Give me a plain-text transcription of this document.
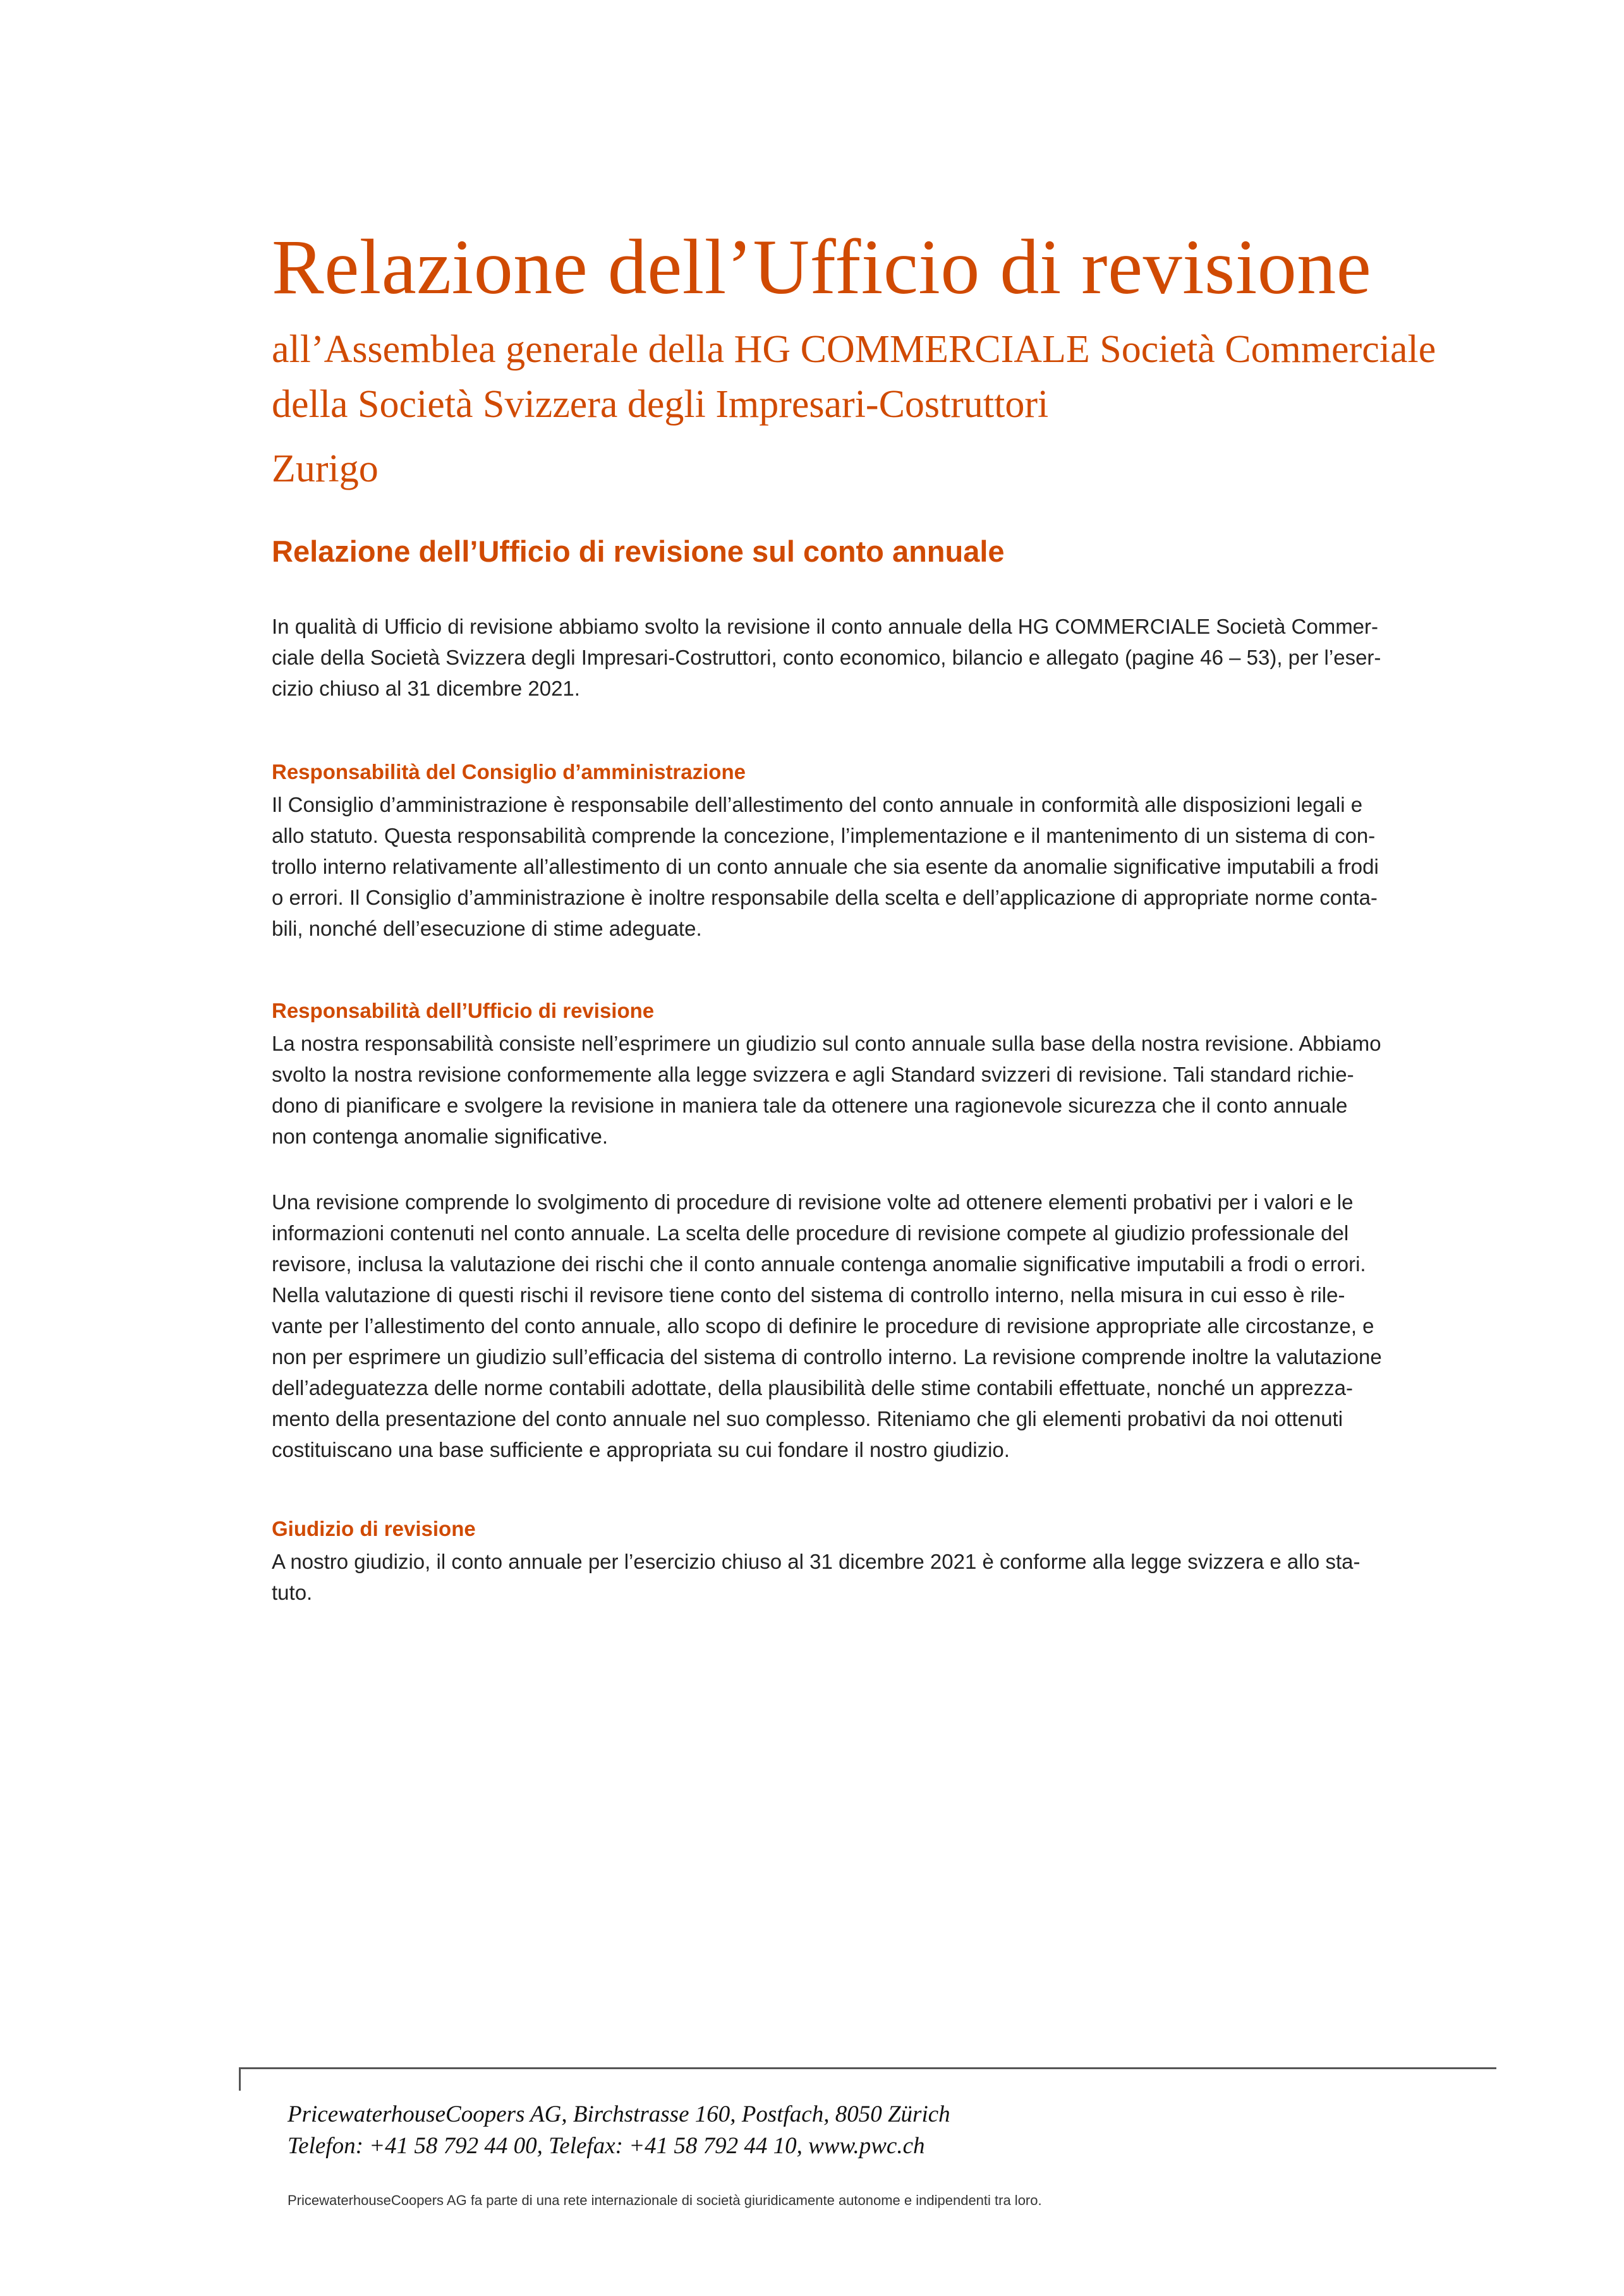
Relazione dell’Ufficio di revisione
all’Assemblea generale della HG COMMERCIALE Società Commerciale
della Società Svizzera degli Impresari-Costruttori
Zurigo
Relazione dell’Ufficio di revisione sul conto annuale
In qualità di Ufficio di revisione abbiamo svolto la revisione il conto annuale della HG COMMERCIALE Società Commer-
ciale della Società Svizzera degli Impresari-Costruttori, conto economico, bilancio e allegato (pagine 46 – 53), per l’eser-
cizio chiuso al 31 dicembre 2021.
Responsabilità del Consiglio d’amministrazione
Il Consiglio d’amministrazione è responsabile dell’allestimento del conto annuale in conformità alle disposizioni legali e
allo statuto. Questa responsabilità comprende la concezione, l’implementazione e il mantenimento di un sistema di con-
trollo interno relativamente all’allestimento di un conto annuale che sia esente da anomalie significative imputabili a frodi
o errori. Il Consiglio d’amministrazione è inoltre responsabile della scelta e dell’applicazione di appropriate norme conta-
bili, nonché dell’esecuzione di stime adeguate.
Responsabilità dell’Ufficio di revisione
La nostra responsabilità consiste nell’esprimere un giudizio sul conto annuale sulla base della nostra revisione. Abbiamo
svolto la nostra revisione conformemente alla legge svizzera e agli Standard svizzeri di revisione. Tali standard richie-
dono di pianificare e svolgere la revisione in maniera tale da ottenere una ragionevole sicurezza che il conto annuale
non contenga anomalie significative.
Una revisione comprende lo svolgimento di procedure di revisione volte ad ottenere elementi probativi per i valori e le
informazioni contenuti nel conto annuale. La scelta delle procedure di revisione compete al giudizio professionale del
revisore, inclusa la valutazione dei rischi che il conto annuale contenga anomalie significative imputabili a frodi o errori.
Nella valutazione di questi rischi il revisore tiene conto del sistema di controllo interno, nella misura in cui esso è rile-
vante per l’allestimento del conto annuale, allo scopo di definire le procedure di revisione appropriate alle circostanze, e
non per esprimere un giudizio sull’efficacia del sistema di controllo interno. La revisione comprende inoltre la valutazione
dell’adeguatezza delle norme contabili adottate, della plausibilità delle stime contabili effettuate, nonché un apprezza-
mento della presentazione del conto annuale nel suo complesso. Riteniamo che gli elementi probativi da noi ottenuti
costituiscano una base sufficiente e appropriata su cui fondare il nostro giudizio.
Giudizio di revisione
A nostro giudizio, il conto annuale per l’esercizio chiuso al 31 dicembre 2021 è conforme alla legge svizzera e allo sta-
tuto.
PricewaterhouseCoopers AG, Birchstrasse 160, Postfach, 8050 Zürich
Telefon: +41 58 792 44 00, Telefax: +41 58 792 44 10, www.pwc.ch
PricewaterhouseCoopers AG fa parte di una rete internazionale di società giuridicamente autonome e indipendenti tra loro.
